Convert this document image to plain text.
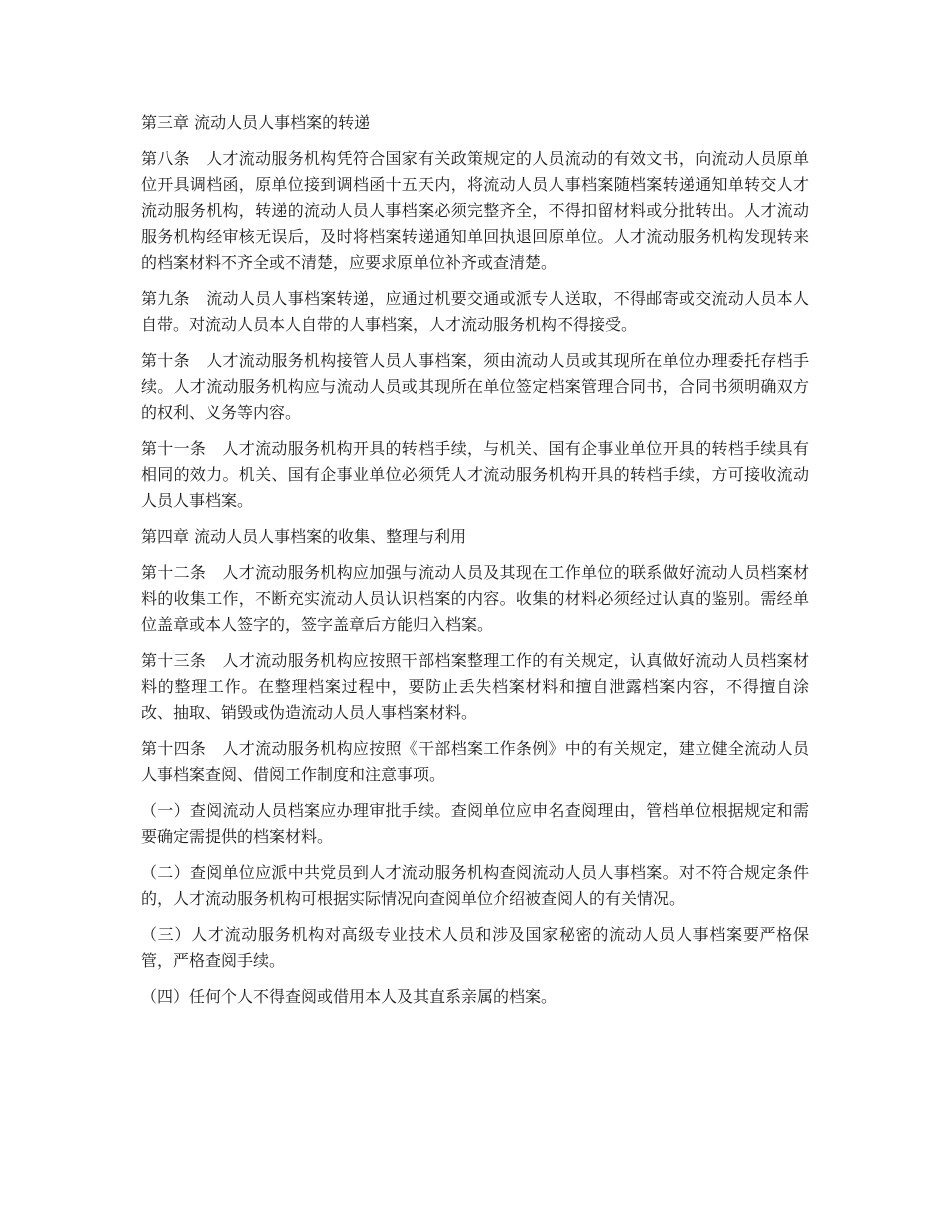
第三章 流动人员人事档案的转递

第八条　人才流动服务机构凭符合国家有关政策规定的人员流动的有效文书，向流动人员原单位开具调档函，原单位接到调档函十五天内，将流动人员人事档案随档案转递通知单转交人才流动服务机构，转递的流动人员人事档案必须完整齐全，不得扣留材料或分批转出。人才流动服务机构经审核无误后，及时将档案转递通知单回执退回原单位。人才流动服务机构发现转来的档案材料不齐全或不清楚，应要求原单位补齐或查清楚。

第九条　流动人员人事档案转递，应通过机要交通或派专人送取，不得邮寄或交流动人员本人自带。对流动人员本人自带的人事档案，人才流动服务机构不得接受。

第十条　人才流动服务机构接管人员人事档案，须由流动人员或其现所在单位办理委托存档手续。人才流动服务机构应与流动人员或其现所在单位签定档案管理合同书，合同书须明确双方的权利、义务等内容。

第十一条　人才流动服务机构开具的转档手续，与机关、国有企事业单位开具的转档手续具有相同的效力。机关、国有企事业单位必须凭人才流动服务机构开具的转档手续，方可接收流动人员人事档案。

第四章 流动人员人事档案的收集、整理与利用

第十二条　人才流动服务机构应加强与流动人员及其现在工作单位的联系做好流动人员档案材料的收集工作，不断充实流动人员认识档案的内容。收集的材料必须经过认真的鉴别。需经单位盖章或本人签字的，签字盖章后方能归入档案。

第十三条　人才流动服务机构应按照干部档案整理工作的有关规定，认真做好流动人员档案材料的整理工作。在整理档案过程中，要防止丢失档案材料和擅自泄露档案内容，不得擅自涂改、抽取、销毁或伪造流动人员人事档案材料。

第十四条　人才流动服务机构应按照《干部档案工作条例》中的有关规定，建立健全流动人员人事档案查阅、借阅工作制度和注意事项。

（一）查阅流动人员档案应办理审批手续。查阅单位应申名查阅理由，管档单位根据规定和需要确定需提供的档案材料。

（二）查阅单位应派中共党员到人才流动服务机构查阅流动人员人事档案。对不符合规定条件的，人才流动服务机构可根据实际情况向查阅单位介绍被查阅人的有关情况。

（三）人才流动服务机构对高级专业技术人员和涉及国家秘密的流动人员人事档案要严格保管，严格查阅手续。

（四）任何个人不得查阅或借用本人及其直系亲属的档案。
